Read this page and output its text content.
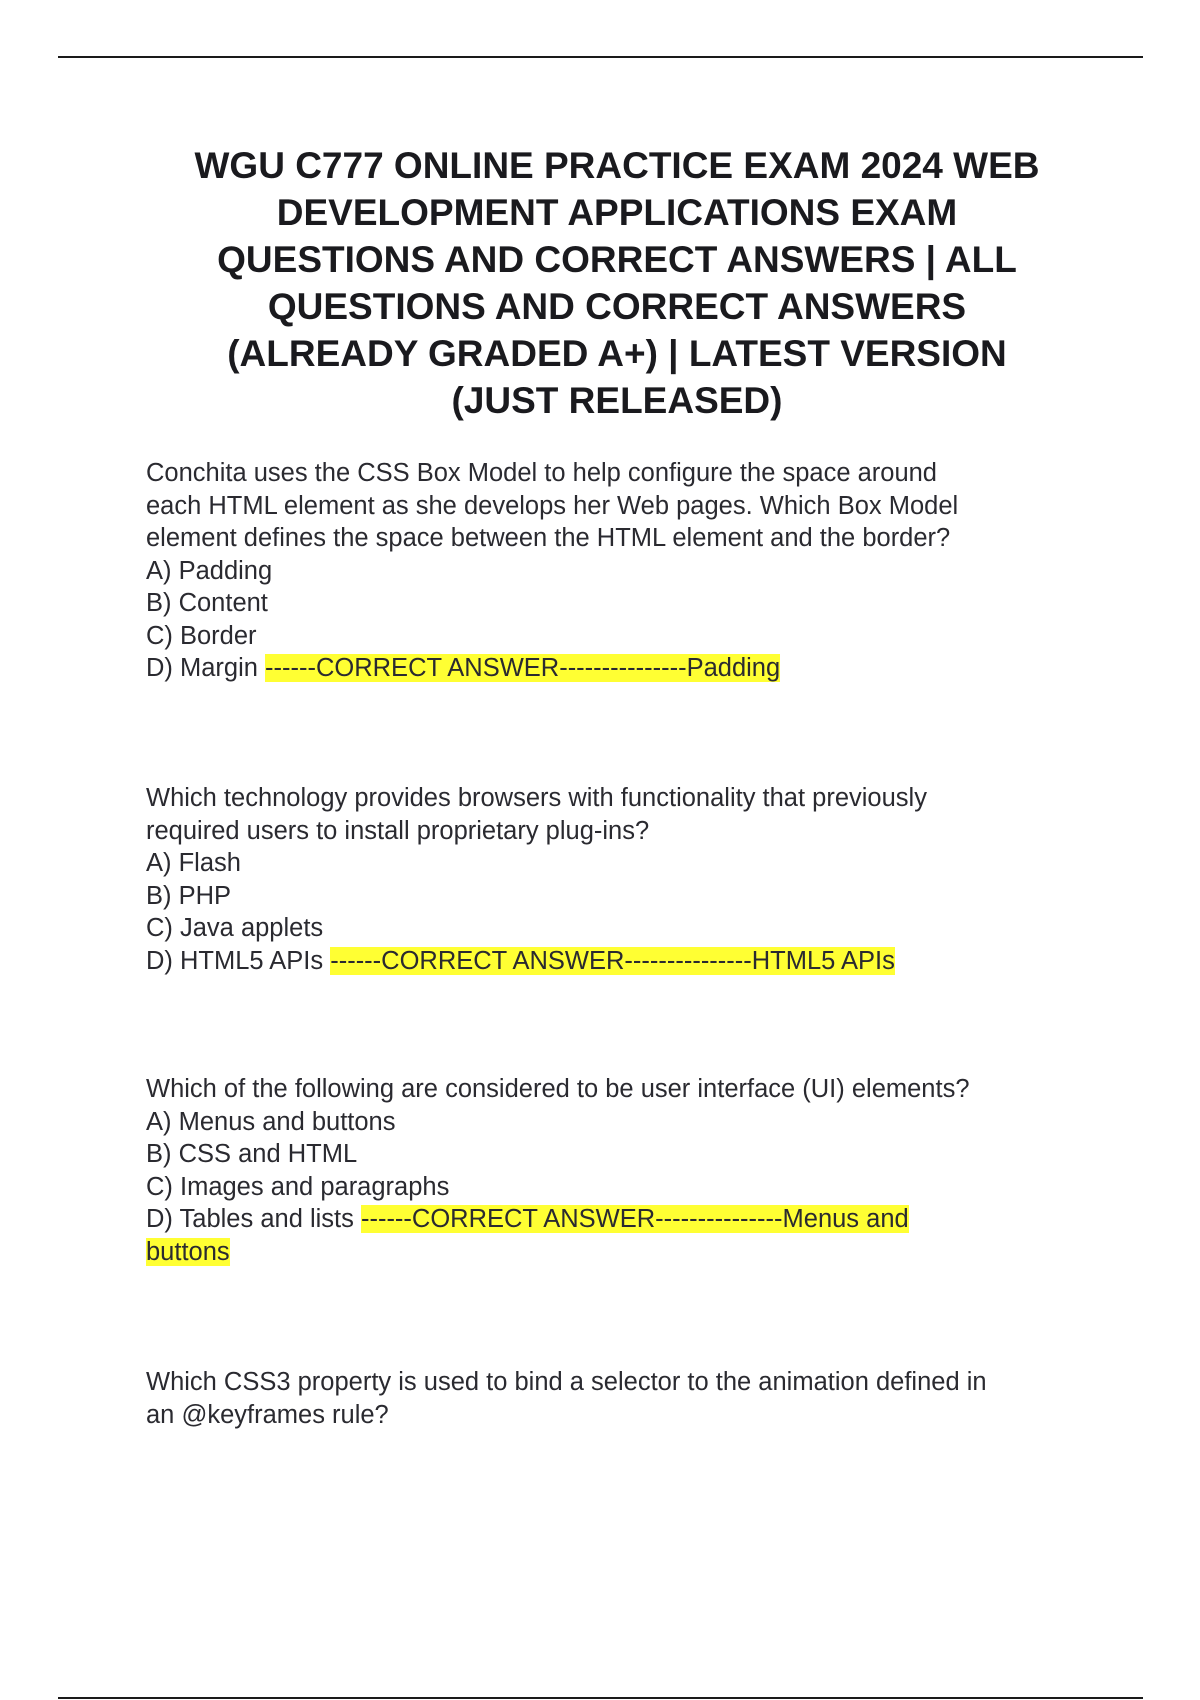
WGU C777 ONLINE PRACTICE EXAM 2024 WEB
DEVELOPMENT APPLICATIONS EXAM
QUESTIONS AND CORRECT ANSWERS | ALL
QUESTIONS AND CORRECT ANSWERS
(ALREADY GRADED A+) | LATEST VERSION
(JUST RELEASED)
Conchita uses the CSS Box Model to help configure the space around
each HTML element as she develops her Web pages. Which Box Model
element defines the space between the HTML element and the border?
A) Padding
B) Content
C) Border
D) Margin ------CORRECT ANSWER---------------Padding
Which technology provides browsers with functionality that previously
required users to install proprietary plug-ins?
A) Flash
B) PHP
C) Java applets
D) HTML5 APIs ------CORRECT ANSWER---------------HTML5 APIs
Which of the following are considered to be user interface (UI) elements?
A) Menus and buttons
B) CSS and HTML
C) Images and paragraphs
D) Tables and lists ------CORRECT ANSWER---------------Menus and
buttons
Which CSS3 property is used to bind a selector to the animation defined in
an @keyframes rule?
